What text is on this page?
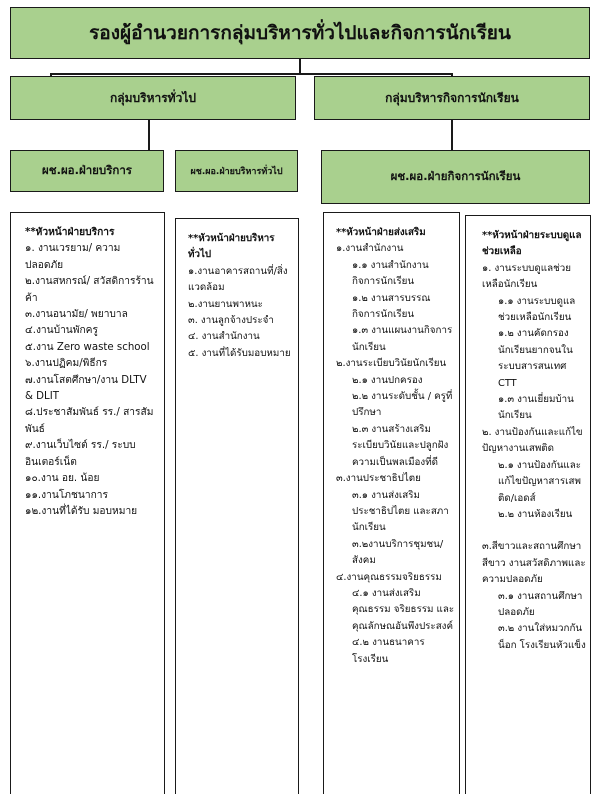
รองผู้อำนวยการกลุ่มบริหารทั่วไปและกิจการนักเรียน
กลุ่มบริหารทั่วไป	กลุ่มบริหารกิจการนักเรียน
ผช.ผอ.ฝ่ายบริการ	ผช.ผอ.ฝ่ายบริหารทั่วไป	ผช.ผอ.ฝ่ายกิจการนักเรียน
**หัวหน้าฝ่ายบริการ
๑. งานเวรยาม/ ความปลอดภัย
๒.งานสหกรณ์/ สวัสดิการร้านค้า
๓.งานอนามัย/ พยาบาล
๔.งานบ้านพักครู
๕.งาน Zero waste school
๖.งานปฏิคม/พิธีกร
๗.งานโสตศึกษา/งาน DLTV & DLIT
๘.ประชาสัมพันธ์ รร./ สารสัมพันธ์
๙.งานเว็บไซต์ รร./ ระบบอินเตอร์เน็ต
๑๐.งาน อย. น้อย
๑๑.งานโภชนาการ
๑๒.งานที่ได้รับ มอบหมาย
**หัวหน้าฝ่ายบริหารทั่วไป
๑.งานอาคารสถานที่/สิ่งแวดล้อม
๒.งานยานพาหนะ
๓. งานลูกจ้างประจำ
๔. งานสำนักงาน
๕. งานที่ได้รับมอบหมาย
**หัวหน้าฝ่ายส่งเสริม
๑.งานสำนักงาน
๑.๑ งานสำนักงานกิจการนักเรียน
๑.๒ งานสารบรรณกิจการนักเรียน
๑.๓ งานแผนงานกิจการนักเรียน
๒.งานระเบียบวินัยนักเรียน
๒.๑ งานปกครอง
๒.๒ งานระดับชั้น / ครูที่ปรึกษา
๒.๓ งานสร้างเสริมระเบียบวินัยและปลูกฝังความเป็นพลเมืองที่ดี
๓.งานประชาธิปไตย
๓.๑ งานส่งเสริมประชาธิปไตย และสภานักเรียน
๓.๒งานบริการชุมชน/สังคม
๔.งานคุณธรรมจริยธรรม
๔.๑ งานส่งเสริมคุณธรรม จริยธรรม และคุณลักษณอันพึงประสงค์
๔.๒ งานธนาคารโรงเรียน
**หัวหน้าฝ่ายระบบดูแลช่วยเหลือ
๑. งานระบบดูแลช่วยเหลือนักเรียน
๑.๑ งานระบบดูแลช่วยเหลือนักเรียน
๑.๒ งานคัดกรองนักเรียนยากจนในระบบสารสนเทศ CTT
๑.๓ งานเยี่ยมบ้านนักเรียน
๒. งานป้องกันและแก้ไขปัญหางานเสพติด
๒.๑ งานป้องกันและแก้ไขปัญหาสารเสพติด/เอดส์
๒.๒ งานห้องเรียน
๓.สีขาวและสถานศึกษาสีขาว งานสวัสดิภาพและความปลอดภัย
๓.๑ งานสถานศึกษาปลอดภัย
๓.๒ งานใส่หมวกกันน็อก โรงเรียนหัวแข็ง
